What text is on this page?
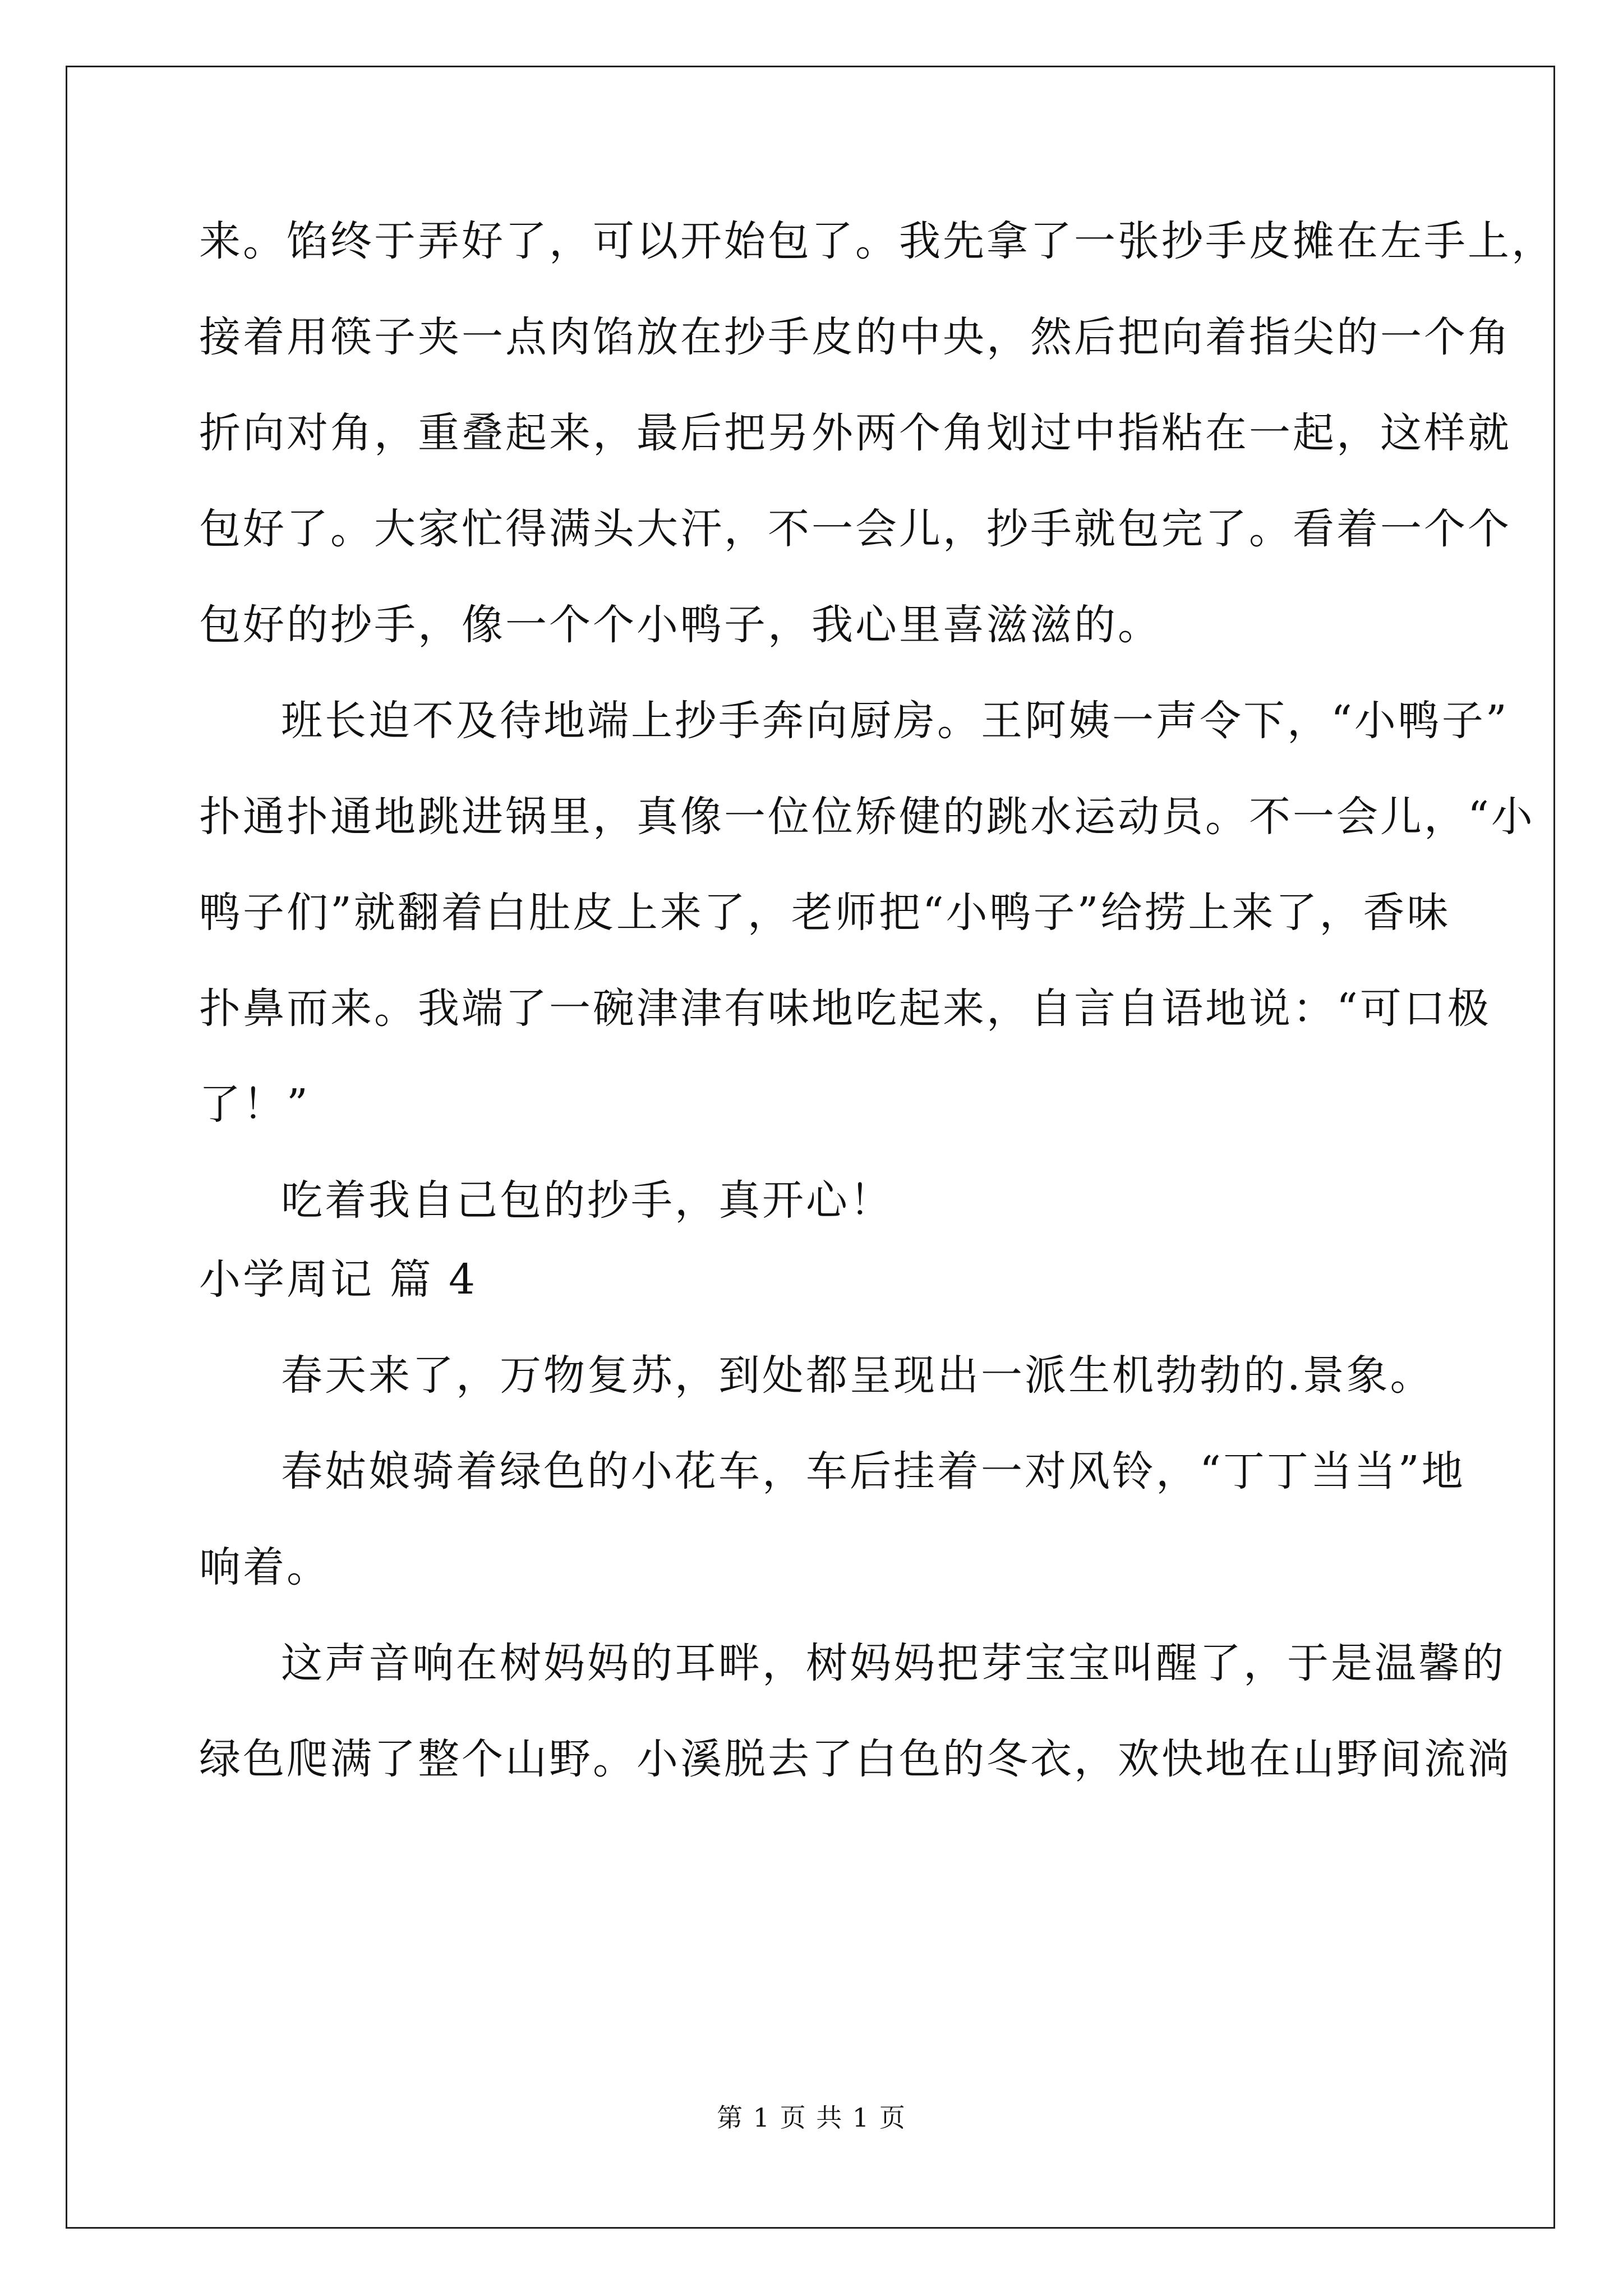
来。馅终于弄好了，可以开始包了。我先拿了一张抄手皮摊在左手上，
接着用筷子夹一点肉馅放在抄手皮的中央，然后把向着指尖的一个角
折向对角，重叠起来，最后把另外两个角划过中指粘在一起，这样就
包好了。大家忙得满头大汗，不一会儿，抄手就包完了。看着一个个
包好的抄手，像一个个小鸭子，我心里喜滋滋的。
班长迫不及待地端上抄手奔向厨房。王阿姨一声令下，“小鸭子”
扑通扑通地跳进锅里，真像一位位矫健的跳水运动员。不一会儿，“小
鸭子们”就翻着白肚皮上来了，老师把“小鸭子”给捞上来了，香味
扑鼻而来。我端了一碗津津有味地吃起来，自言自语地说：“可口极
了！”
吃着我自己包的抄手，真开心！
小学周记 篇 4
春天来了，万物复苏，到处都呈现出一派生机勃勃的.景象。
春姑娘骑着绿色的小花车，车后挂着一对风铃，“丁丁当当”地
响着。
这声音响在树妈妈的耳畔，树妈妈把芽宝宝叫醒了，于是温馨的
绿色爬满了整个山野。小溪脱去了白色的冬衣，欢快地在山野间流淌
第 1 页 共 1 页
